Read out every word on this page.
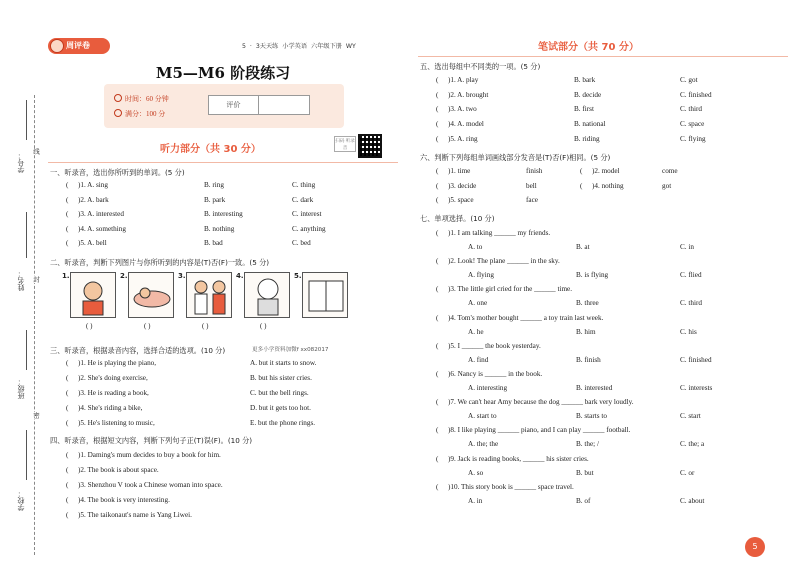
学号：
线
姓名： 封
班级：
密
学校：
周评卷	5 · 3天天练 小学英语 六年级下册 WY
M5—M6 阶段练习
时间：60 分钟
满分：100 分
评价
扫码 听录音
听力部分（共 30 分）
一、听录音，选出你所听到的单词。(5 分)
( )1. A. sing	B. ring	C. thing
( )2. A. bark	B. park	C. dark
( )3. A. interested	B. interesting	C. interest
( )4. A. something	B. nothing	C. anything
( )5. A. bell	B. bad	C. bed
二、听录音，判断下列图片与你所听到的内容是(T)否(F)一致。(5 分)
1.
( )
2.
( )
3.
( )
4.
( )
5.
更多小学资料加微f xx082017
三、听录音，根据录音内容，选择合适的选项。(10 分)
( )1. He is playing the piano,	A. but it starts to snow.
( )2. She's doing exercise,	B. but his sister cries.
( )3. He is reading a book,	C. but the bell rings.
( )4. She's riding a bike,	D. but it gets too hot.
( )5. He's listening to music,	E. but the phone rings.
四、听录音，根据短文内容，判断下列句子正(T)误(F)。(10 分)
( )1. Daming's mum decides to buy a book for him.
( )2. The book is about space.
( )3. Shenzhou V took a Chinese woman into space.
( )4. The book is very interesting.
( )5. The taikonaut's name is Yang Liwei.
笔试部分（共 70 分）
五、选出每组中不同类的一项。(5 分)
( )1. A. play	B. bark	C. got
( )2. A. brought	B. decide	C. finished
( )3. A. two	B. first	C. third
( )4. A. model	B. national	C. space
( )5. A. ring	B. riding	C. flying
六、判断下列每组单词画线部分发音是(T)否(F)相同。(5 分)
( )1. time	finish	( )2. model	come
( )3. decide	bell	( )4. nothing	got
( )5. space	face
七、单项选择。(10 分)
( )1. I am talking ______ my friends.
A. to	B. at	C. in
( )2. Look! The plane ______ in the sky.
A. flying	B. is flying	C. flied
( )3. The little girl cried for the ______ time.
A. one	B. three	C. third
( )4. Tom's mother bought ______ a toy train last week.
A. he	B. him	C. his
( )5. I ______ the book yesterday.
A. find	B. finish	C. finished
( )6. Nancy is ______ in the book.
A. interesting	B. interested	C. interests
( )7. We can't hear Amy because the dog ______ bark very loudly.
A. start to	B. starts to	C. start
( )8. I like playing ______ piano, and I can play ______ football.
A. the; the	B. the; /	C. the; a
( )9. Jack is reading books, ______ his sister cries.
A. so	B. but	C. or
( )10. This story book is ______ space travel.
A. in	B. of	C. about
5
